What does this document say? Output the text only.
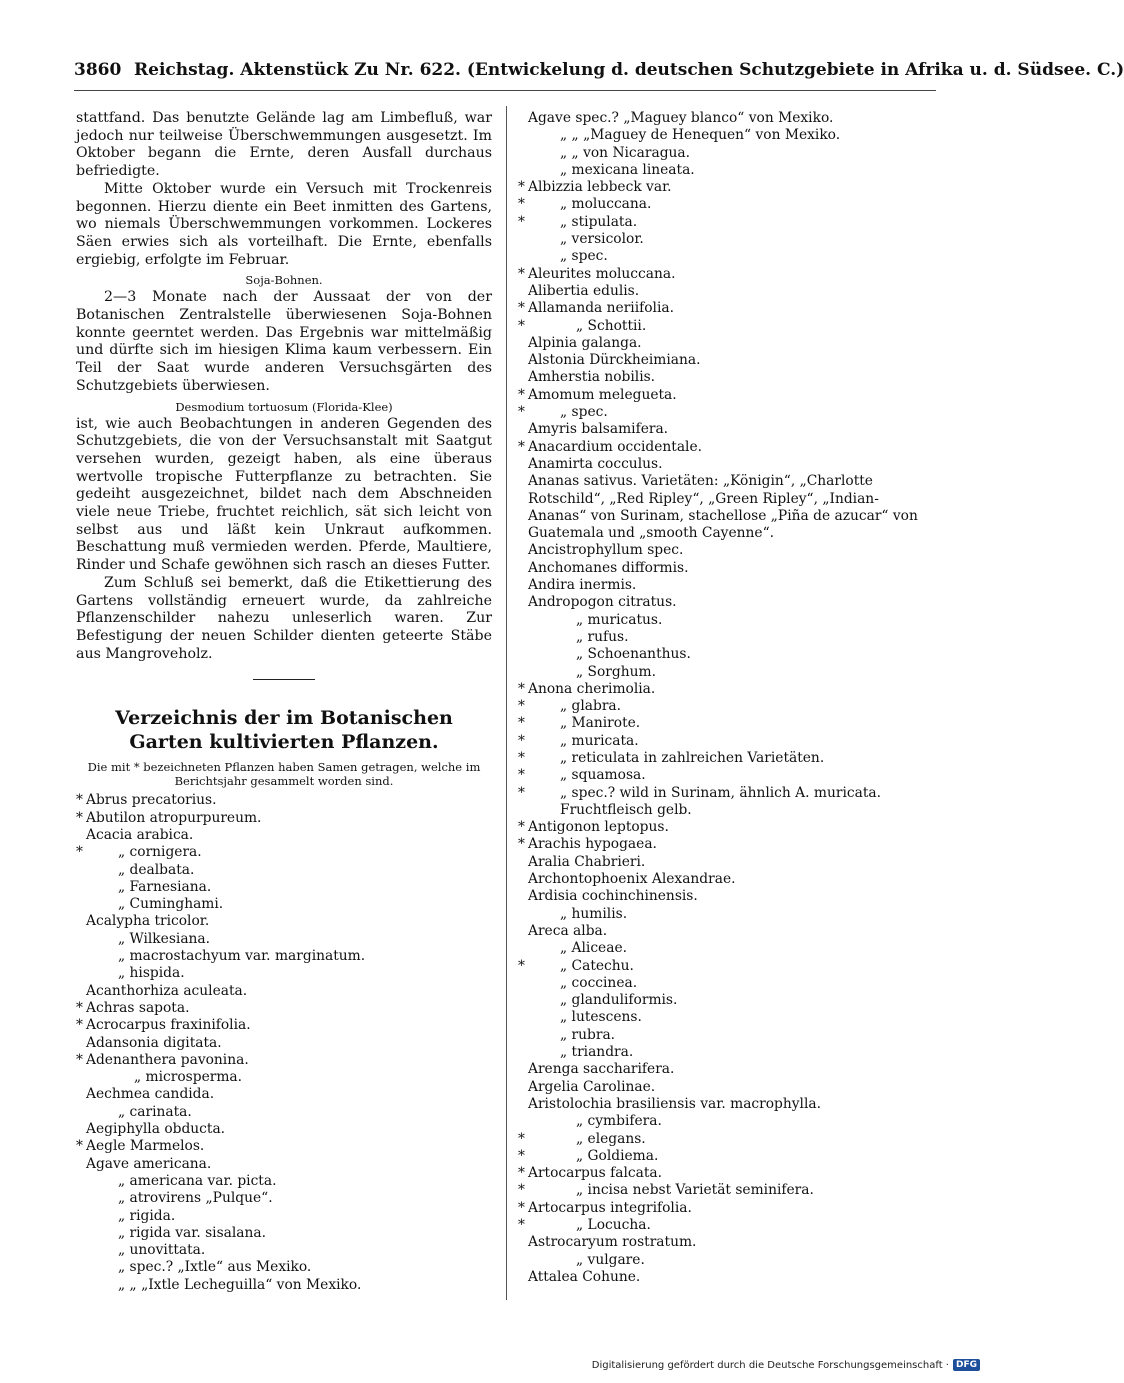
3860 Reichstag. Aktenstück Zu Nr. 622. (Entwickelung d. deutschen Schutzgebiete in Afrika u. d. Südsee. C.)

stattfand. Das benutzte Gelände lag am Limbefluß, war jedoch nur teilweise Überschwemmungen ausgesetzt. Im Oktober begann die Ernte, deren Ausfall durchaus befriedigte.

Mitte Oktober wurde ein Versuch mit Trockenreis begonnen. Hierzu diente ein Beet inmitten des Gartens, wo niemals Überschwemmungen vorkommen. Lockeres Säen erwies sich als vorteilhaft. Die Ernte, ebenfalls ergiebig, erfolgte im Februar.

Soja-Bohnen.

2—3 Monate nach der Aussaat der von der Botanischen Zentralstelle überwiesenen Soja-Bohnen konnte geerntet werden. Das Ergebnis war mittelmäßig und dürfte sich im hiesigen Klima kaum verbessern. Ein Teil der Saat wurde anderen Versuchsgärten des Schutzgebiets überwiesen.

Desmodium tortuosum (Florida-Klee)

ist, wie auch Beobachtungen in anderen Gegenden des Schutzgebiets, die von der Versuchsanstalt mit Saatgut versehen wurden, gezeigt haben, als eine überaus wertvolle tropische Futterpflanze zu betrachten. Sie gedeiht ausgezeichnet, bildet nach dem Abschneiden viele neue Triebe, fruchtet reichlich, sät sich leicht von selbst aus und läßt kein Unkraut aufkommen. Beschattung muß vermieden werden. Pferde, Maultiere, Rinder und Schafe gewöhnen sich rasch an dieses Futter.

Zum Schluß sei bemerkt, daß die Etikettierung des Gartens vollständig erneuert wurde, da zahlreiche Pflanzenschilder nahezu unleserlich waren. Zur Befestigung der neuen Schilder dienten geteerte Stäbe aus Mangroveholz.

Verzeichnis der im Botanischen Garten kultivierten Pflanzen.

Die mit * bezeichneten Pflanzen haben Samen getragen, welche im Berichtsjahr gesammelt worden sind.

* Abrus precatorius.
* Abutilon atropurpureum.
Acacia arabica.
*	„ cornigera.
„ dealbata.
„ Farnesiana.
„ Cuminghami.
Acalypha tricolor.
„ Wilkesiana.
„ macrostachyum var. marginatum.
„ hispida.
Acanthorhiza aculeata.
* Achras sapota.
* Acrocarpus fraxinifolia.
Adansonia digitata.
* Adenanthera pavonina.
„ microsperma.
Aechmea candida.
„ carinata.
Aegiphylla obducta.
* Aegle Marmelos.
Agave americana.
„ americana var. picta.
„ atrovirens „Pulque“.
„ rigida.
„ rigida var. sisalana.
„ unovittata.
„ spec.? „Ixtle“ aus Mexiko.
„ „ „Ixtle Lecheguilla“ von Mexiko.
Agave spec.? „Maguey blanco“ von Mexiko.
„ „ „Maguey de Henequen“ von Mexiko.
„ „ von Nicaragua.
„ mexicana lineata.
* Albizzia lebbeck var.
*	„ moluccana.
*	„ stipulata.
„ versicolor.
„ spec.
* Aleurites moluccana.
Alibertia edulis.
* Allamanda neriifolia.
*	„ Schottii.
Alpinia galanga.
Alstonia Dürckheimiana.
Amherstia nobilis.
* Amomum melegueta.
*	„ spec.
Amyris balsamifera.
* Anacardium occidentale.
Anamirta cocculus.
Ananas sativus. Varietäten: „Königin“, „Charlotte Rotschild“, „Red Ripley“, „Green Ripley“, „Indian-Ananas“ von Surinam, stachellose „Piña de azucar“ von Guatemala und „smooth Cayenne“.
Ancistrophyllum spec.
Anchomanes difformis.
Andira inermis.
Andropogon citratus.
„ muricatus.
„ rufus.
„ Schoenanthus.
„ Sorghum.
* Anona cherimolia.
*	„ glabra.
*	„ Manirote.
*	„ muricata.
*	„ reticulata in zahlreichen Varietäten.
*	„ squamosa.
*	„ spec.? wild in Surinam, ähnlich A. muricata. Fruchtfleisch gelb.
* Antigonon leptopus.
* Arachis hypogaea.
Aralia Chabrieri.
Archontophoenix Alexandrae.
Ardisia cochinchinensis.
„ humilis.
Areca alba.
„ Aliceae.
*	„ Catechu.
„ coccinea.
„ glanduliformis.
„ lutescens.
„ rubra.
„ triandra.
Arenga saccharifera.
Argelia Carolinae.
Aristolochia brasiliensis var. macrophylla.
„ cymbifera.
*	„ elegans.
*	„ Goldiema.
* Artocarpus falcata.
*	„ incisa nebst Varietät seminifera.
* Artocarpus integrifolia.
*	„ Locucha.
Astrocaryum rostratum.
„ vulgare.
Attalea Cohune.
Digitalisierung gefördert durch die Deutsche Forschungsgemeinschaft · DFG
